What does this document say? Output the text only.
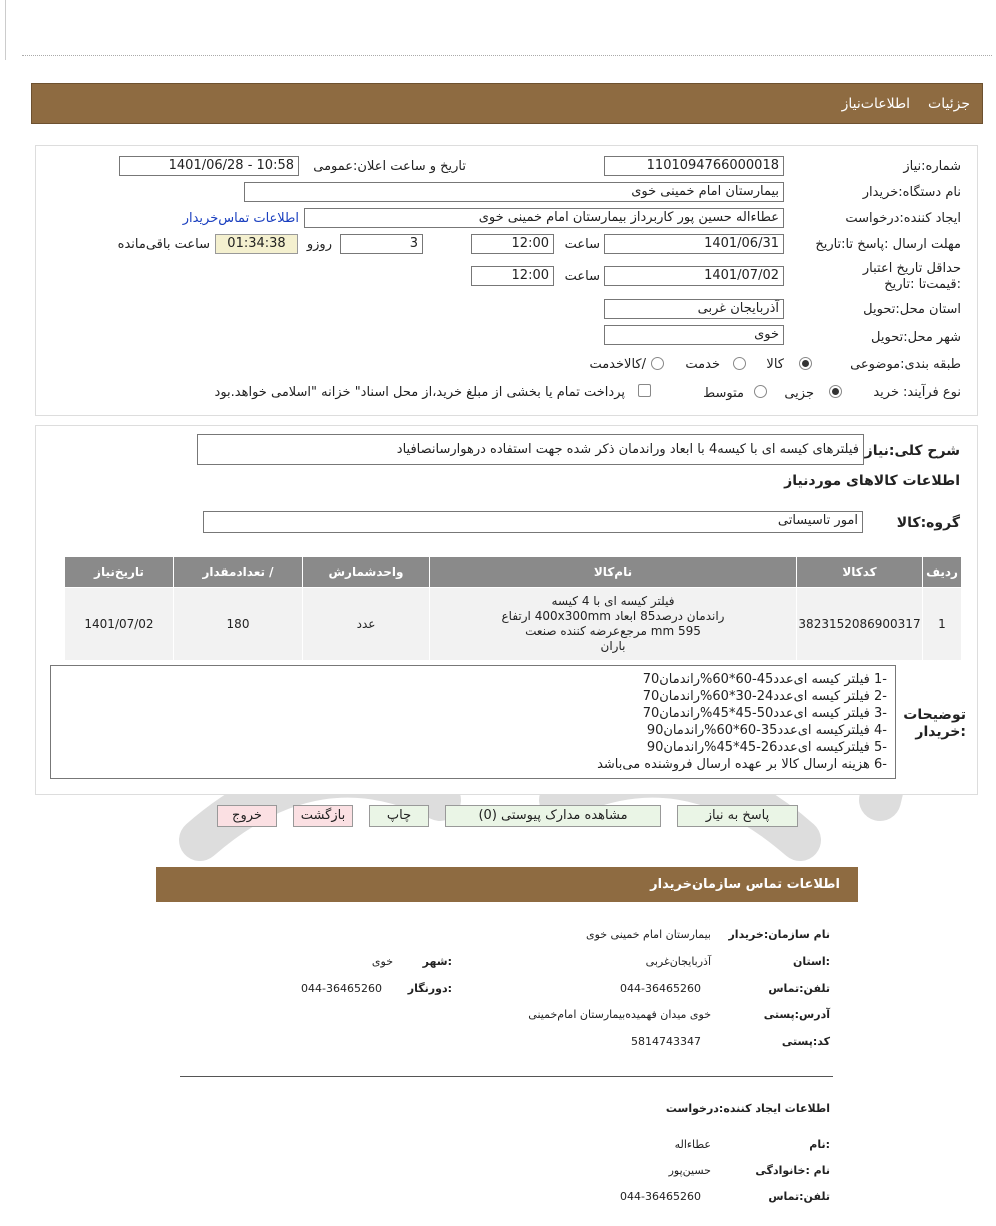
جزئیات
اطلاعات‌نیاز
شماره:نیاز
1101094766000018
تاریخ و ساعت اعلان:عمومی
1401/06/28 - 10:58
نام دستگاه:خریدار
بیمارستان امام خمینی خوی
ایجاد کننده:درخواست
عطاءاله حسین پور کاربرداز بیمارستان امام خمینی خوی
اطلاعات تماس‌خریدار
مهلت ارسال :پاسخ تا:تاریخ
1401/06/31
ساعت
12:00
3
روزو
01:34:38
ساعت باقی‌مانده
حداقل تاریخ اعتبار :قیمت‌تا :تاریخ
1401/07/02
ساعت
12:00
استان محل:تحویل
آذربایجان غربی
شهر محل:تحویل
خوی
طبقه بندی:موضوعی
کالا
خدمت
/کالاخدمت
نوع فرآیند:
خرید
جزیی
متوسط
پرداخت تمام یا بخشی از مبلغ خرید،از محل اسناد" خزانه "اسلامی خواهد.بود
شرح کلی:نیاز
فیلترهای کیسه ای با کیسه4 با ابعاد وراندمان ذکر شده جهت استفاده درهوارسانصافیاد
اطلاعات کالاهای موردنیاز
گروه:کالا
امور تاسیساتی
ردیف	کدکالا	نام‌کالا	واحدشمارش	/ تعدادمقدار	تاریخ‌نیاز
1	3823152086900317	فیلتر کیسه ای با 4 کیسه
راندمان درصد85 ابعاد 400x300mm ارتفاع
595 mm مرجع‌عرضه کننده صنعت
باران	عدد	180	1401/07/02
توضیحات :خریدار
-1 فیلتر کیسه ای‌عدد45-60*60%راندمان70
-2 فیلتر کیسه ای‌عدد24-30*60%راندمان70
-3 فیلتر کیسه ای‌عدد50-45*45%راندمان70
-4 فیلترکیسه ای‌عدد35-60*60%راندمان90
-5 فیلترکیسه ای‌عدد26-45*45%راندمان90
-6 هزینه ارسال کالا بر عهده ارسال فروشنده می‌باشد
پاسخ به نیاز
مشاهده مدارک پیوستی (0)
چاپ
بازگشت
خروج
اطلاعات تماس سازمان‌خریدار
نام سازمان:خریدار
بیمارستان امام خمینی خوی
:استان
آذربایجان‌غربی
:شهر
خوی
تلفن:تماس
044-36465260
:دورنگار
044-36465260
آدرس:پستی
خوی میدان فهمیده‌بیمارستان امام‌خمینی
کد:پستی
5814743347
اطلاعات ایجاد کننده:درخواست
:نام
عطاءاله
نام :خانوادگی
حسین‌پور
تلفن:تماس
044-36465260
